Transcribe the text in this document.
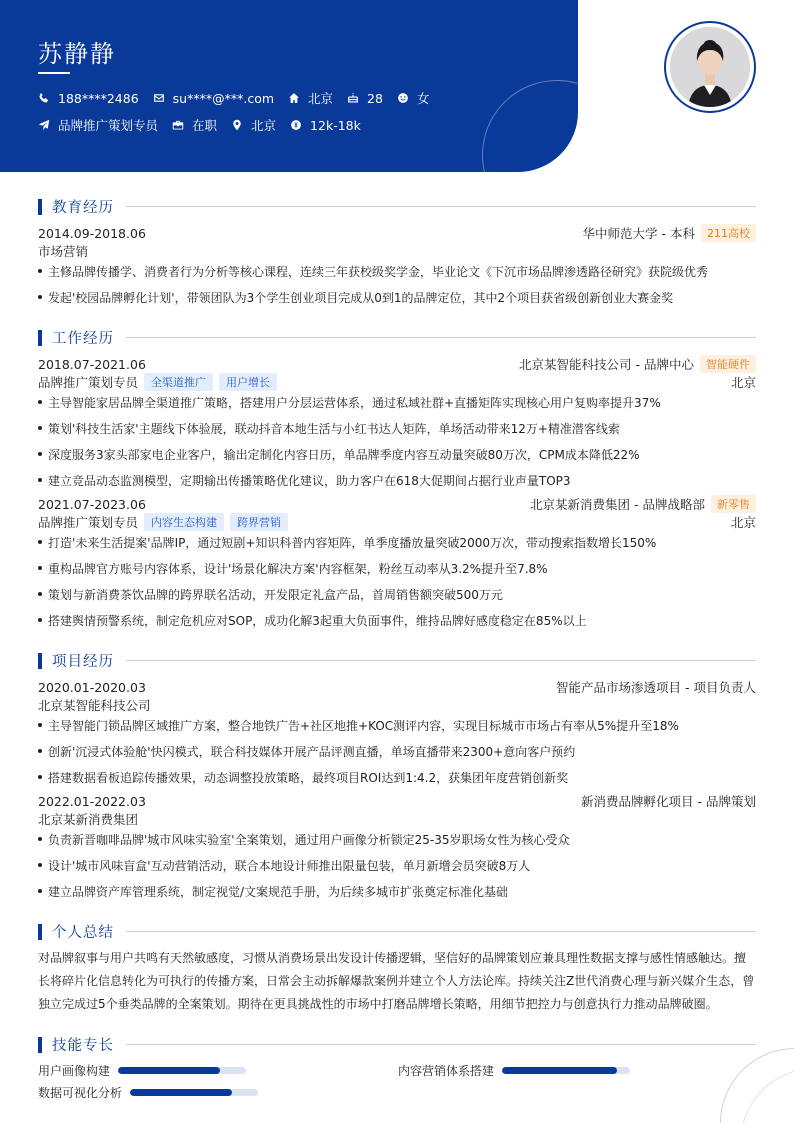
苏静静
188****2486	su****@***.com	北京	28	女
品牌推广策划专员	在职	北京	12k-18k
教育经历
2014.09-2018.06	华中师范大学 - 本科	211高校
市场营销
主修品牌传播学、消费者行为分析等核心课程，连续三年获校级奖学金，毕业论文《下沉市场品牌渗透路径研究》获院级优秀
发起'校园品牌孵化计划'，带领团队为3个学生创业项目完成从0到1的品牌定位，其中2个项目获省级创新创业大赛金奖
工作经历
2018.07-2021.06	北京某智能科技公司 - 品牌中心	智能硬件
品牌推广策划专员	全渠道推广	用户增长	北京
主导智能家居品牌全渠道推广策略，搭建用户分层运营体系，通过私域社群+直播矩阵实现核心用户复购率提升37%
策划'科技生活家'主题线下体验展，联动抖音本地生活与小红书达人矩阵，单场活动带来12万+精准潜客线索
深度服务3家头部家电企业客户，输出定制化内容日历，单品牌季度内容互动量突破80万次，CPM成本降低22%
建立竞品动态监测模型，定期输出传播策略优化建议，助力客户在618大促期间占据行业声量TOP3
2021.07-2023.06	北京某新消费集团 - 品牌战略部	新零售
品牌推广策划专员	内容生态构建	跨界营销	北京
打造'未来生活提案'品牌IP，通过短剧+知识科普内容矩阵，单季度播放量突破2000万次，带动搜索指数增长150%
重构品牌官方账号内容体系，设计'场景化解决方案'内容框架，粉丝互动率从3.2%提升至7.8%
策划与新消费茶饮品牌的跨界联名活动，开发限定礼盒产品，首周销售额突破500万元
搭建舆情预警系统，制定危机应对SOP，成功化解3起重大负面事件，维持品牌好感度稳定在85%以上
项目经历
2020.01-2020.03	智能产品市场渗透项目 - 项目负责人
北京某智能科技公司
主导智能门锁品牌区域推广方案，整合地铁广告+社区地推+KOC测评内容，实现目标城市市场占有率从5%提升至18%
创新'沉浸式体验舱'快闪模式，联合科技媒体开展产品评测直播，单场直播带来2300+意向客户预约
搭建数据看板追踪传播效果，动态调整投放策略，最终项目ROI达到1:4.2，获集团年度营销创新奖
2022.01-2022.03	新消费品牌孵化项目 - 品牌策划
北京某新消费集团
负责新晋咖啡品牌'城市风味实验室'全案策划，通过用户画像分析锁定25-35岁职场女性为核心受众
设计'城市风味盲盒'互动营销活动，联合本地设计师推出限量包装，单月新增会员突破8万人
建立品牌资产库管理系统，制定视觉/文案规范手册，为后续多城市扩张奠定标准化基础
个人总结
对品牌叙事与用户共鸣有天然敏感度，习惯从消费场景出发设计传播逻辑，坚信好的品牌策划应兼具理性数据支撑与感性情感触达。擅长将碎片化信息转化为可执行的传播方案，日常会主动拆解爆款案例并建立个人方法论库。持续关注Z世代消费心理与新兴媒介生态，曾独立完成过5个垂类品牌的全案策划。期待在更具挑战性的市场中打磨品牌增长策略，用细节把控力与创意执行力推动品牌破圈。
技能专长
用户画像构建	内容营销体系搭建
数据可视化分析
